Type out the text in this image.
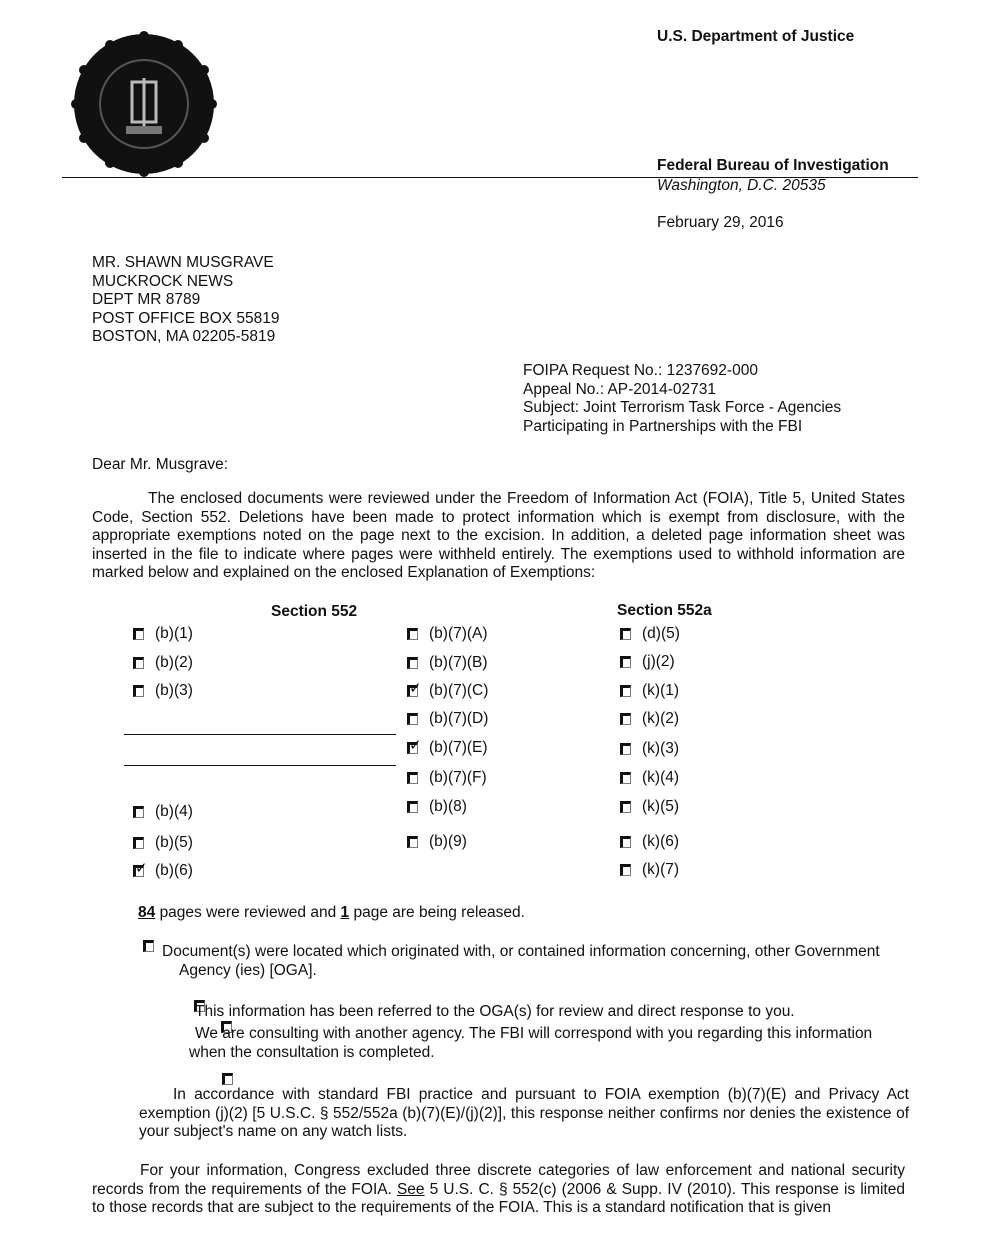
U.S. Department of Justice
Federal Bureau of Investigation
Washington, D.C. 20535
February 29, 2016
MR. SHAWN MUSGRAVE
MUCKROCK NEWS
DEPT MR 8789
POST OFFICE BOX 55819
BOSTON, MA 02205-5819
FOIPA Request No.: 1237692-000
Appeal No.: AP-2014-02731
Subject: Joint Terrorism Task Force - Agencies
Participating in Partnerships with the FBI
Dear Mr. Musgrave:
The enclosed documents were reviewed under the Freedom of Information Act (FOIA), Title 5, United States Code, Section 552. Deletions have been made to protect information which is exempt from disclosure, with the appropriate exemptions noted on the page next to the excision. In addition, a deleted page information sheet was inserted in the file to indicate where pages were withheld entirely. The exemptions used to withhold information are marked below and explained on the enclosed Explanation of Exemptions:
Section 552	Section 552a
(b)(1)
(b)(2)
(b)(3)
(b)(4)
(b)(5)
✓ (b)(6)
(b)(7)(A)
(b)(7)(B)
✓ (b)(7)(C)
(b)(7)(D)
✓ (b)(7)(E)
(b)(7)(F)
(b)(8)
(b)(9)
(d)(5)
(j)(2)
(k)(1)
(k)(2)
(k)(3)
(k)(4)
(k)(5)
(k)(6)
(k)(7)
84 pages were reviewed and 1 page are being released.

Document(s) were located which originated with, or contained information concerning, other Government
Agency (ies) [OGA].

This information has been referred to the OGA(s) for review and direct response to you.

We are consulting with another agency. The FBI will correspond with you regarding this information
when the consultation is completed.
In accordance with standard FBI practice and pursuant to FOIA exemption (b)(7)(E) and Privacy Act exemption (j)(2) [5 U.S.C. § 552/552a (b)(7)(E)/(j)(2)], this response neither confirms nor denies the existence of your subject's name on any watch lists.
For your information, Congress excluded three discrete categories of law enforcement and national security records from the requirements of the FOIA. See 5 U.S. C. § 552(c) (2006 & Supp. IV (2010). This response is limited to those records that are subject to the requirements of the FOIA. This is a standard notification that is given
